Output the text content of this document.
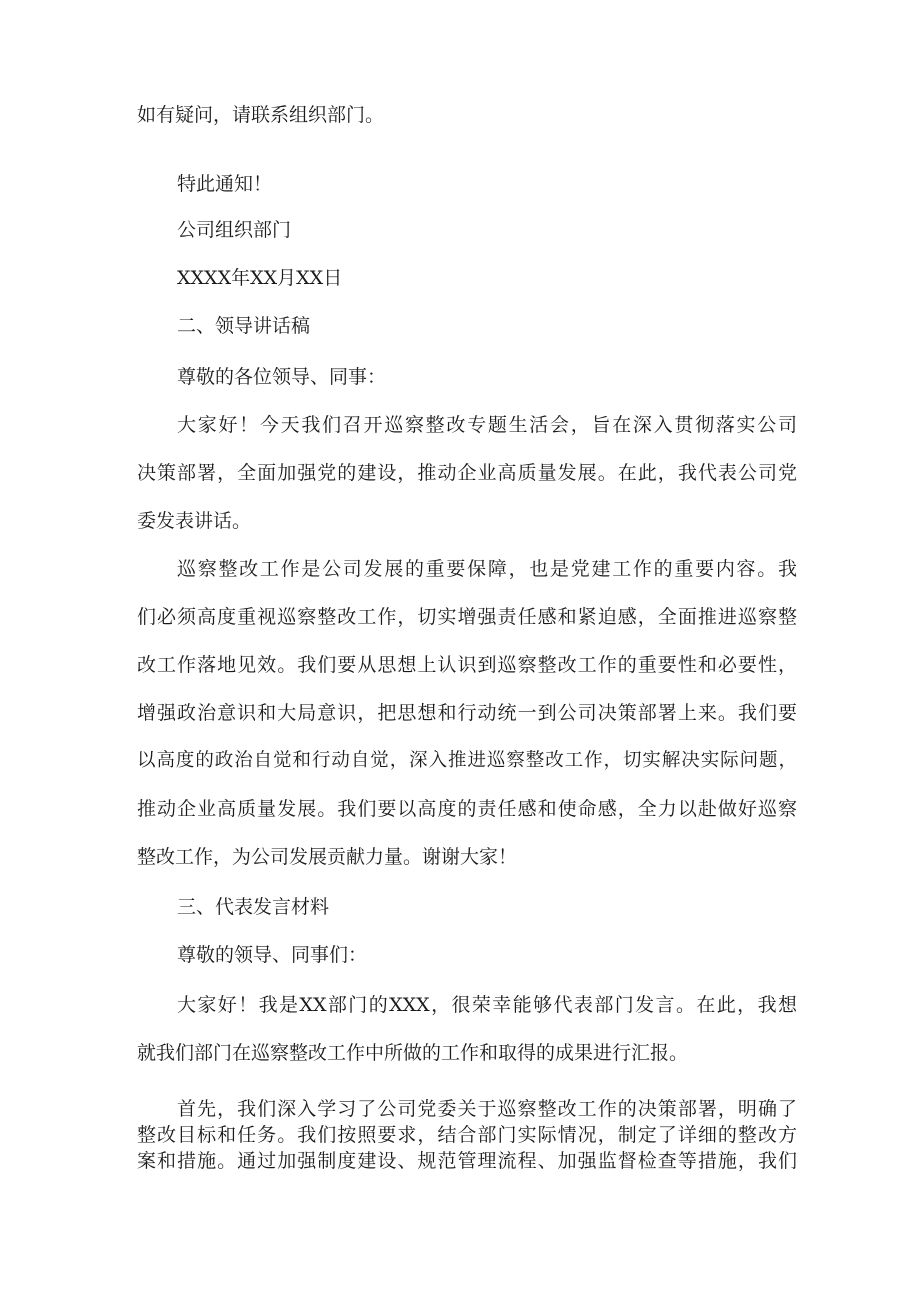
如有疑问，请联系组织部门。
特此通知！
公司组织部门
XXXX年XX月XX日
二、领导讲话稿
尊敬的各位领导、同事：
大家好！今天我们召开巡察整改专题生活会，旨在深入贯彻落实公司
决策部署，全面加强党的建设，推动企业高质量发展。在此，我代表公司党
委发表讲话。
巡察整改工作是公司发展的重要保障，也是党建工作的重要内容。我
们必须高度重视巡察整改工作，切实增强责任感和紧迫感，全面推进巡察整
改工作落地见效。我们要从思想上认识到巡察整改工作的重要性和必要性，
增强政治意识和大局意识，把思想和行动统一到公司决策部署上来。我们要
以高度的政治自觉和行动自觉，深入推进巡察整改工作，切实解决实际问题，
推动企业高质量发展。我们要以高度的责任感和使命感，全力以赴做好巡察
整改工作，为公司发展贡献力量。谢谢大家！
三、代表发言材料
尊敬的领导、同事们：
大家好！我是XX部门的XXX，很荣幸能够代表部门发言。在此，我想
就我们部门在巡察整改工作中所做的工作和取得的成果进行汇报。
首先，我们深入学习了公司党委关于巡察整改工作的决策部署，明确了
整改目标和任务。我们按照要求，结合部门实际情况，制定了详细的整改方
案和措施。通过加强制度建设、规范管理流程、加强监督检查等措施，我们
